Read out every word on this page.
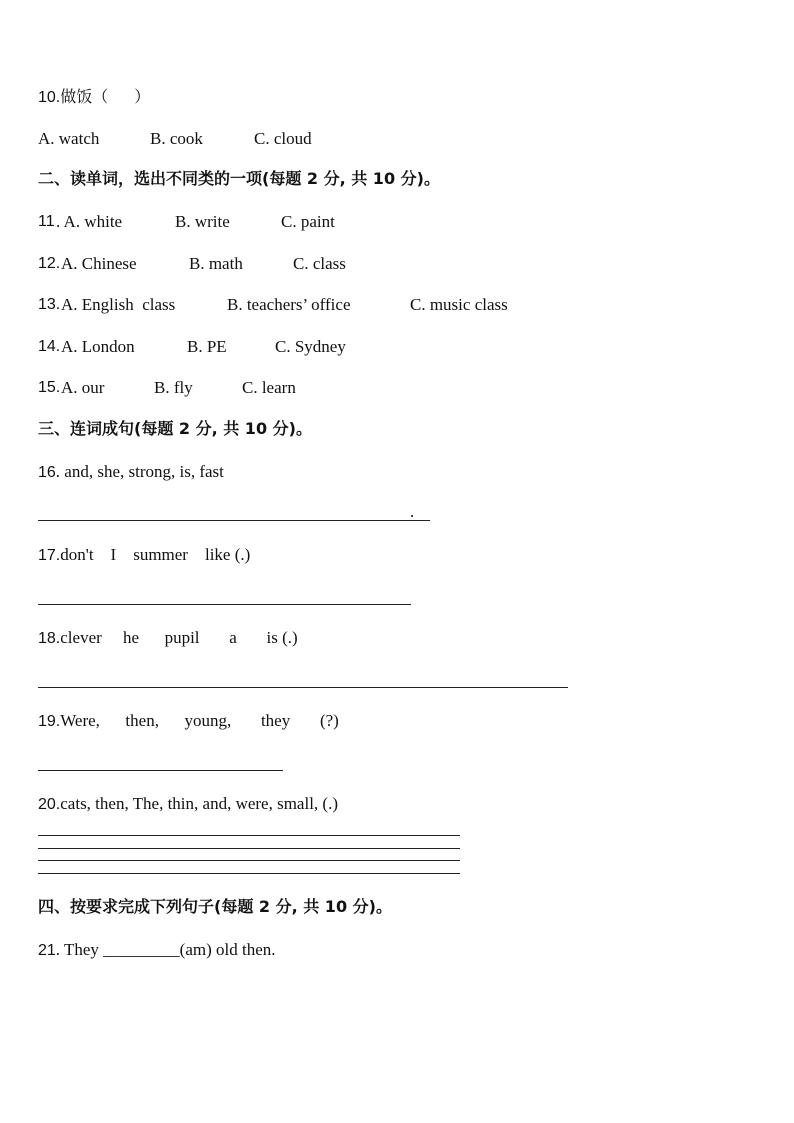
10.做饭（ ）
A. watch	B. cook	C. cloud
二、读单词，选出不同类的一项(每题 2 分, 共 10 分)。
11 . A. white	B. write	C. paint
12. A. Chinese	B. math	C. class
13. A. English  class	B. teachers’ office	C. music class
14. A. London	B. PE	C. Sydney
15. A. our	B. fly	C. learn
三、连词成句(每题 2 分, 共 10 分)。
16. and, she, strong, is, fast
.
17.don't    I    summer    like (.)
18.clever     he      pupil       a       is (.)
19.Were,      then,      young,       they       (?)
20.cats, then, The, thin, and, were, small, (.)
四、按要求完成下列句子(每题 2 分, 共 10 分)。
21. They _________(am) old then.
